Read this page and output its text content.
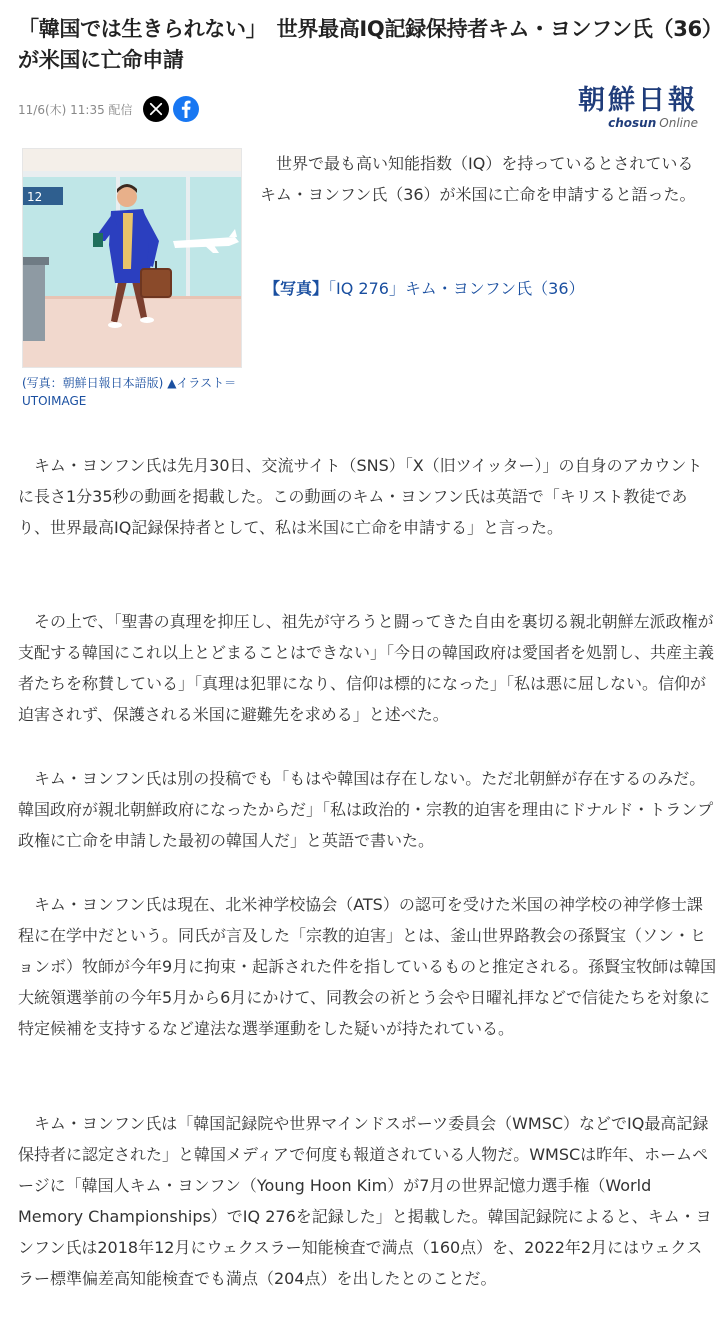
「韓国では生きられない」　世界最高IQ記録保持者キム・ヨンフン氏（36）が米国に亡命申請
11/6(木) 11:35 配信	朝鮮日報
chosun Online
12
(写真：朝鮮日報日本語版) ▲イラスト＝UTOIMAGE

世界で最も高い知能指数（IQ）を持っているとされているキム・ヨンフン氏（36）が米国に亡命を申請すると語った。

【写真】「IQ 276」キム・ヨンフン氏（36）

キム・ヨンフン氏は先月30日、交流サイト（SNS）「X（旧ツイッター）」の自身のアカウントに長さ1分35秒の動画を掲載した。この動画のキム・ヨンフン氏は英語で「キリスト教徒であり、世界最高IQ記録保持者として、私は米国に亡命を申請する」と言った。

その上で、「聖書の真理を抑圧し、祖先が守ろうと闘ってきた自由を裏切る親北朝鮮左派政権が支配する韓国にこれ以上とどまることはできない」「今日の韓国政府は愛国者を処罰し、共産主義者たちを称賛している」「真理は犯罪になり、信仰は標的になった」「私は悪に屈しない。信仰が迫害されず、保護される米国に避難先を求める」と述べた。

キム・ヨンフン氏は別の投稿でも「もはや韓国は存在しない。ただ北朝鮮が存在するのみだ。韓国政府が親北朝鮮政府になったからだ」「私は政治的・宗教的迫害を理由にドナルド・トランプ政権に亡命を申請した最初の韓国人だ」と英語で書いた。

キム・ヨンフン氏は現在、北米神学校協会（ATS）の認可を受けた米国の神学校の神学修士課程に在学中だという。同氏が言及した「宗教的迫害」とは、釜山世界路教会の孫賢宝（ソン・ヒョンボ）牧師が今年9月に拘束・起訴された件を指しているものと推定される。孫賢宝牧師は韓国大統領選挙前の今年5月から6月にかけて、同教会の祈とう会や日曜礼拝などで信徒たちを対象に特定候補を支持するなど違法な選挙運動をした疑いが持たれている。

キム・ヨンフン氏は「韓国記録院や世界マインドスポーツ委員会（WMSC）などでIQ最高記録保持者に認定された」と韓国メディアで何度も報道されている人物だ。WMSCは昨年、ホームページに「韓国人キム・ヨンフン（Young Hoon Kim）が7月の世界記憶力選手権（World Memory Championships）でIQ 276を記録した」と掲載した。韓国記録院によると、キム・ヨンフン氏は2018年12月にウェクスラー知能検査で満点（160点）を、2022年2月にはウェクスラー標準偏差高知能検査でも満点（204点）を出したとのことだ。
